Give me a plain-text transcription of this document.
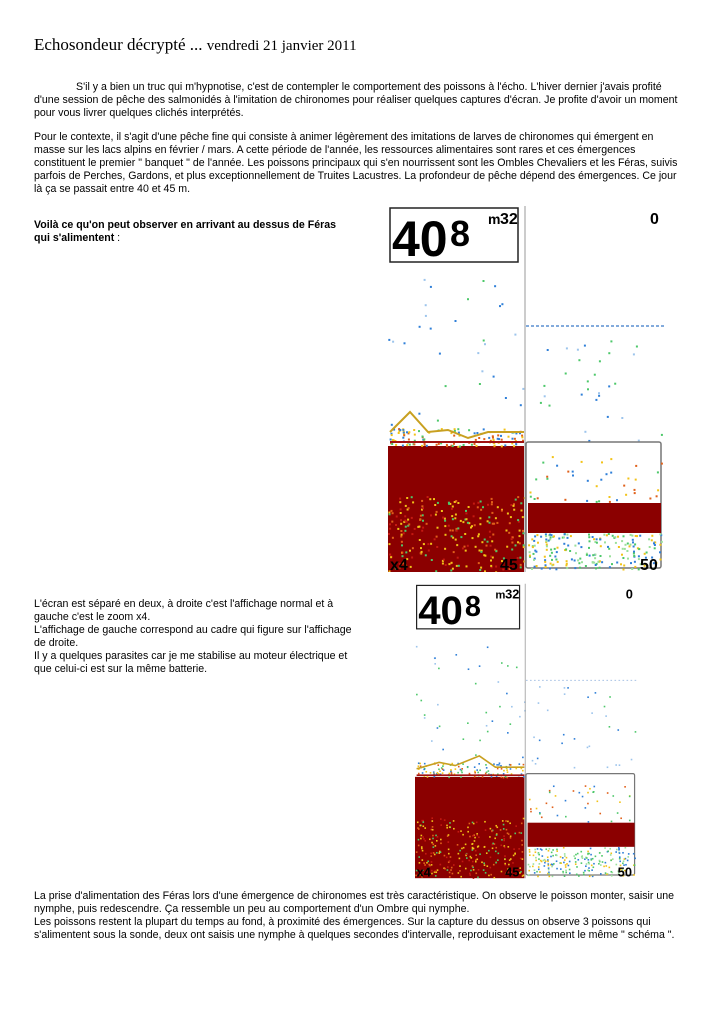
Echosondeur décrypté ... vendredi 21 janvier 2011

S'il y a bien un truc qui m'hypnotise, c'est de contempler le comportement des poissons à l'écho. L'hiver dernier j'avais profité d'une session de pêche des salmonidés à l'imitation de chironomes pour réaliser quelques captures d'écran. Je profite d'avoir un moment pour vous livrer quelques clichés interprétés.

Pour le contexte, il s'agit d'une pêche fine qui consiste à animer légèrement des imitations de larves de chironomes qui émergent en masse sur les lacs alpins en février / mars. A cette période de l'année, les ressources alimentaires sont rares et ces émergences constituent le premier " banquet " de l'année. Les poissons principaux qui s'en nourrissent sont les Ombles Chevaliers et les Féras, suivis parfois de Perches, Gardons, et plus exceptionnellement de Truites Lacustres. La profondeur de pêche dépend des émergences. Ce jour là ça se passait entre 40 et 45 m.

Voilà ce qu'on peut observer en arrivant au dessus de Féras qui s'alimentent :	40 8 m 32	0
x4	45	50

L'écran est séparé en deux, à droite c'est l'affichage normal et à gauche c'est le zoom x4.

L'affichage de gauche correspond au cadre qui figure sur l'affichage de droite.

Il y a quelques parasites car je me stabilise au moteur électrique et que celui-ci est sur la même batterie.

40 8 m 32	0
x4	45	50

La prise d'alimentation des Féras lors d'une émergence de chironomes est très caractéristique. On observe le poisson monter, saisir une nymphe, puis redescendre. Ça ressemble un peu au comportement d'un Ombre qui nymphe.

Les poissons restent la plupart du temps au fond, à proximité des émergences. Sur la capture du dessus on observe 3 poissons qui s'alimentent sous la sonde, deux ont saisis une nymphe à quelques secondes d'intervalle, reproduisant exactement le même " schéma ".
